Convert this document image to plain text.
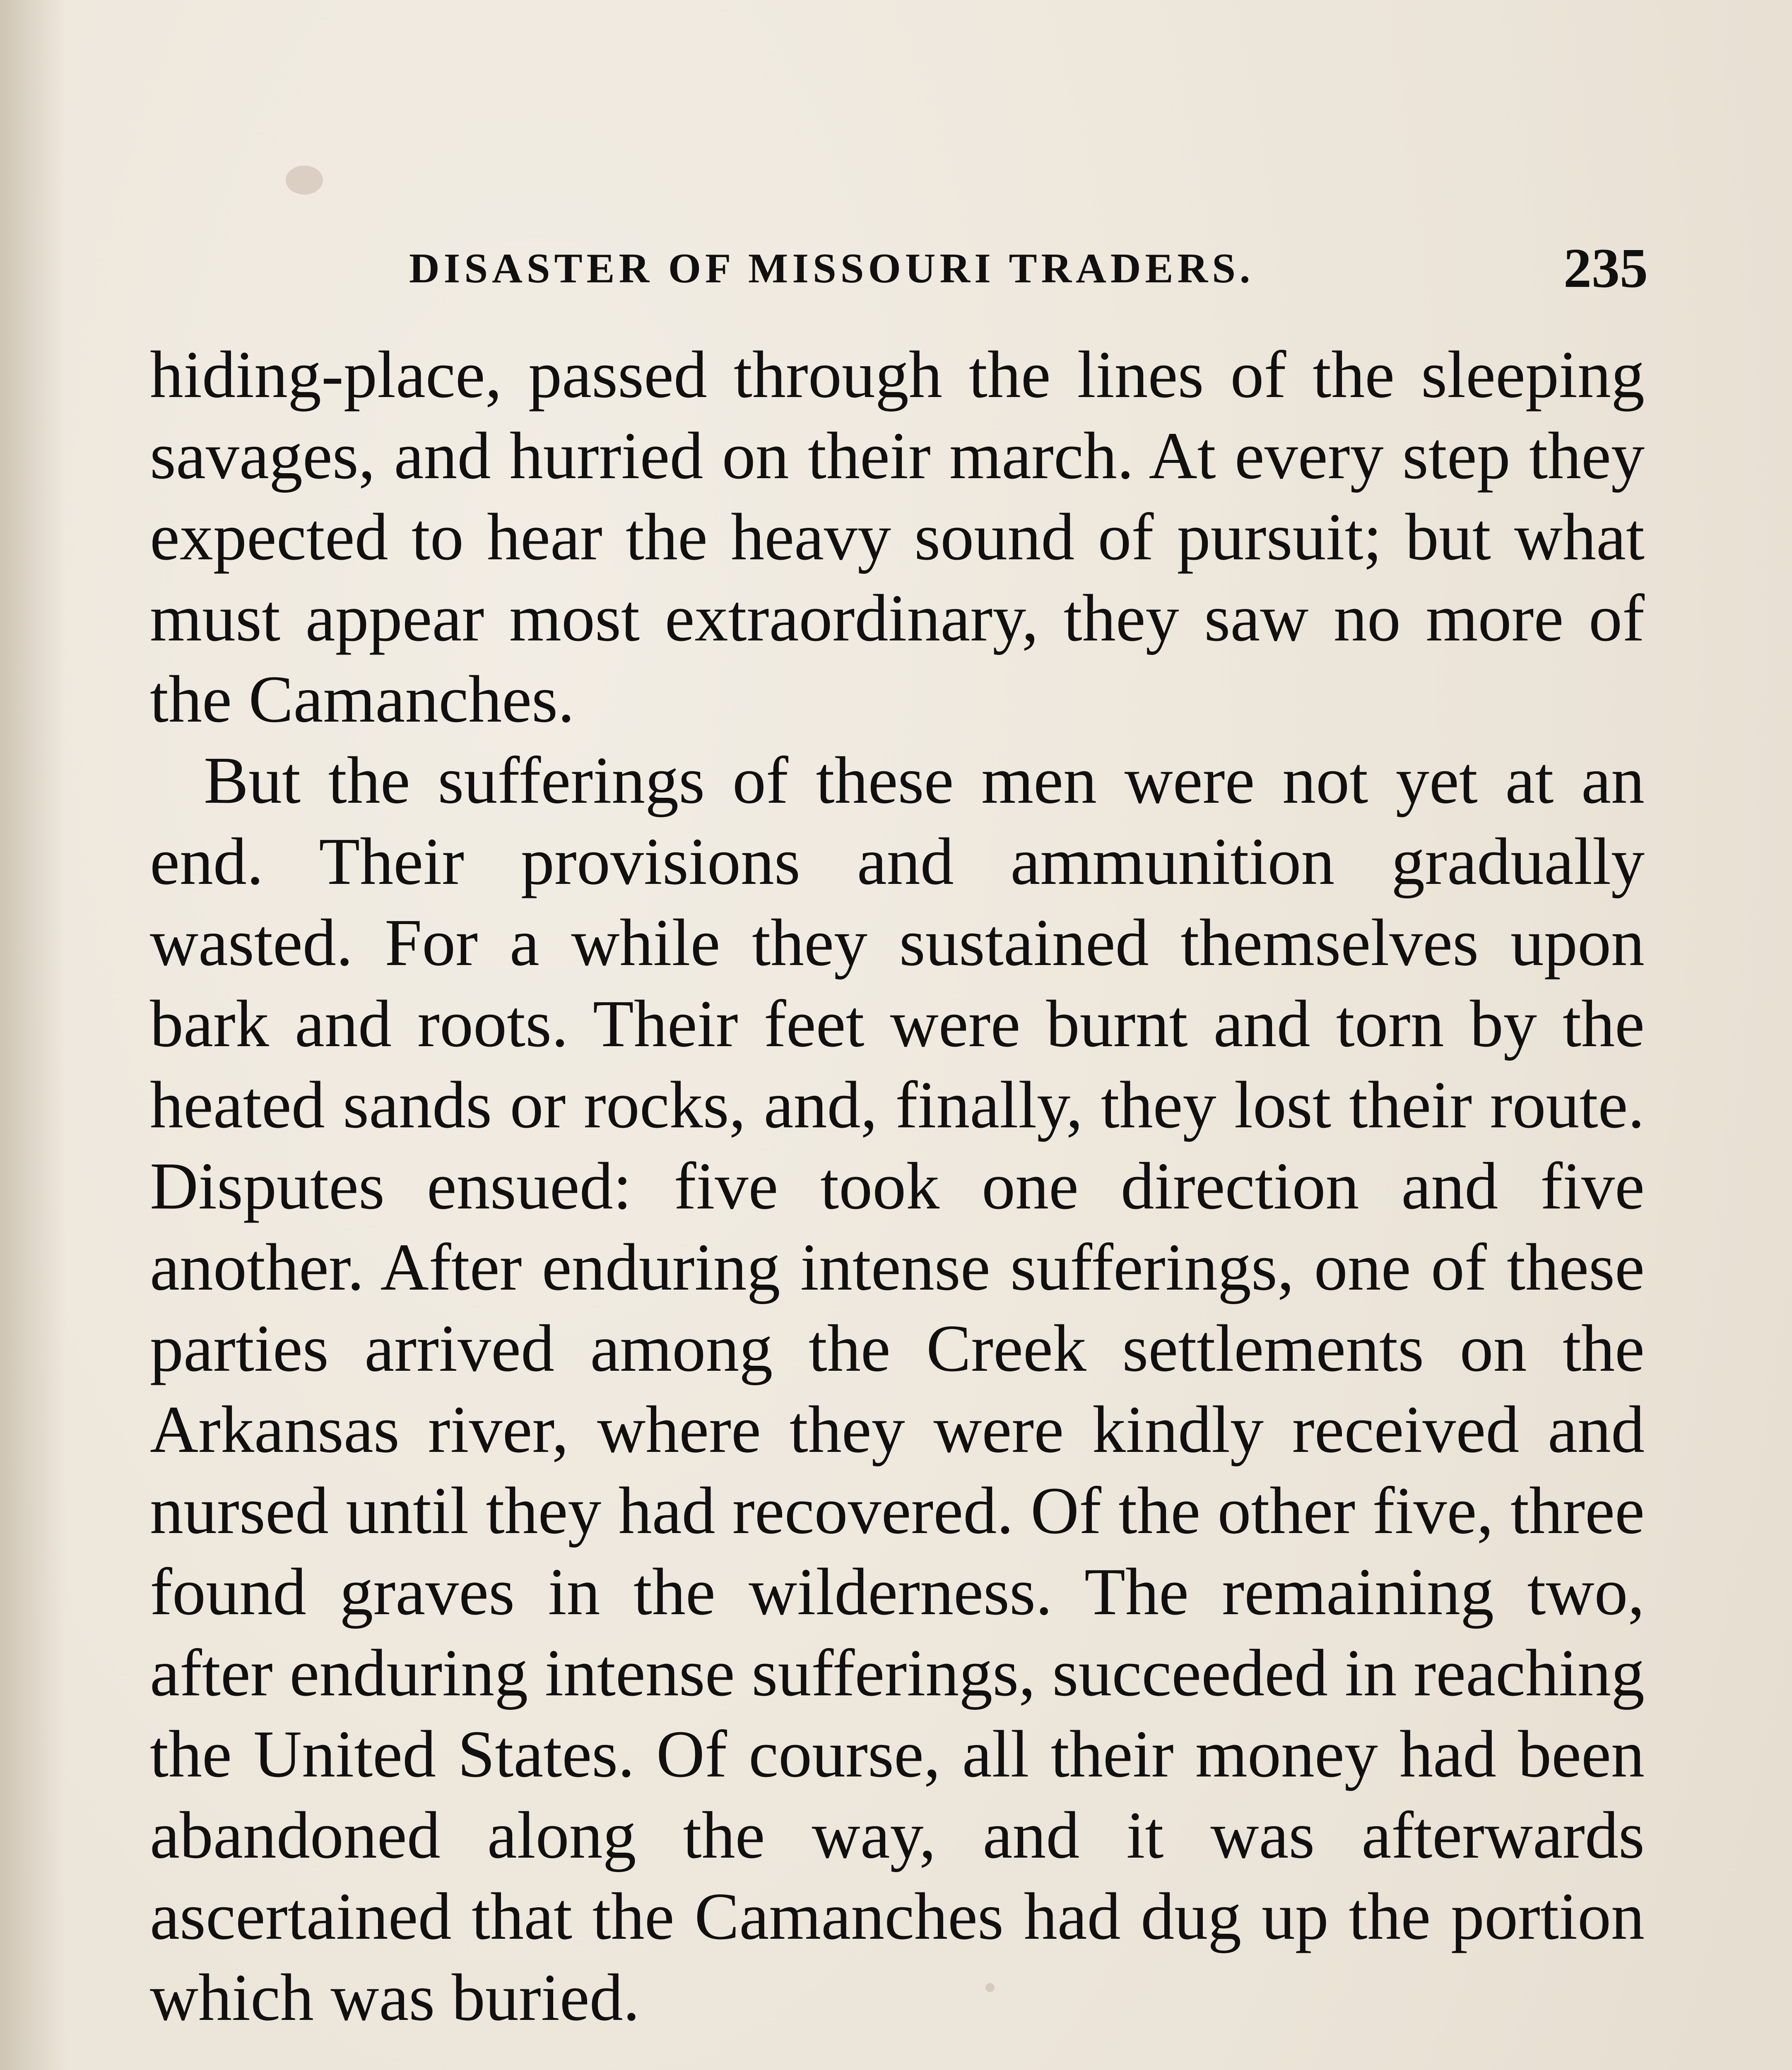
DISASTER OF MISSOURI TRADERS.	235

hiding-place, passed through the lines of the sleeping savages, and hurried on their march. At every step they expected to hear the heavy sound of pursuit; but what must appear most extraordinary, they saw no more of the Camanches.

But the sufferings of these men were not yet at an end. Their provisions and ammunition gradually wasted. For a while they sustained themselves upon bark and roots. Their feet were burnt and torn by the heated sands or rocks, and, finally, they lost their route. Disputes ensued: five took one direction and five another. After enduring intense sufferings, one of these parties arrived among the Creek settlements on the Arkansas river, where they were kindly received and nursed until they had recovered. Of the other five, three found graves in the wilderness. The remaining two, after enduring intense sufferings, succeeded in reaching the United States. Of course, all their money had been abandoned along the way, and it was afterwards ascertained that the Camanches had dug up the portion which was buried.
